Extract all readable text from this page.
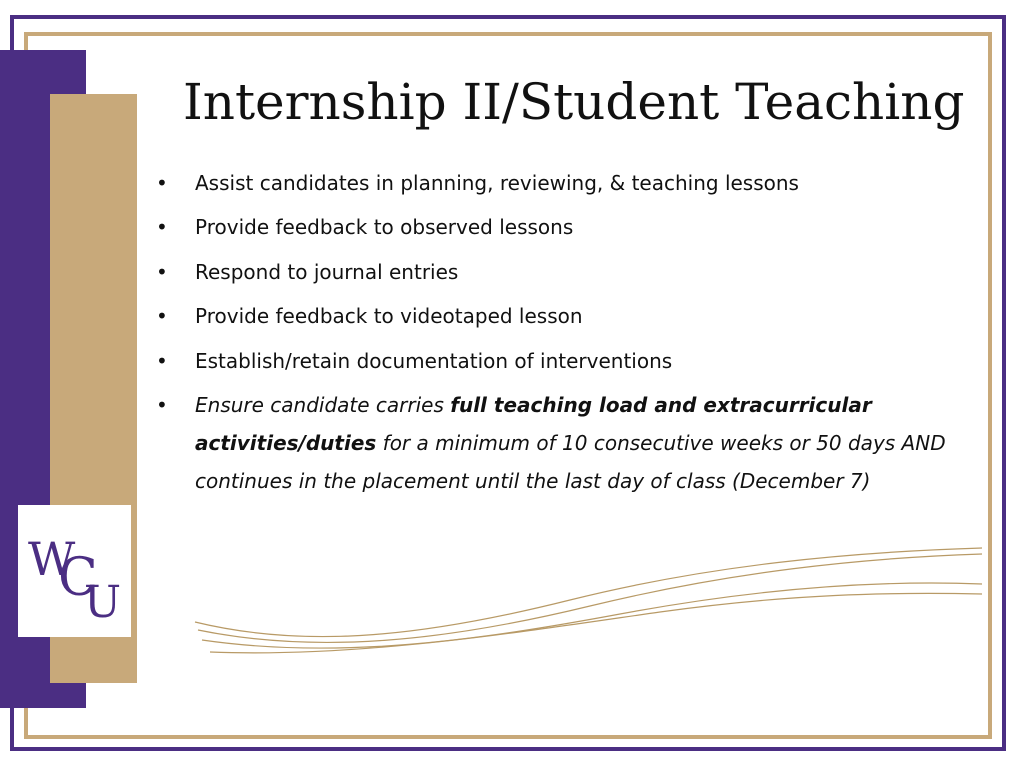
W
C
U
Internship II/Student Teaching
• Assist candidates in planning, reviewing, & teaching lessons
• Provide feedback to observed lessons
• Respond to journal entries
• Provide feedback to videotaped lesson
• Establish/retain documentation of interventions
• Ensure candidate carries full teaching load and extracurricular activities/duties for a minimum of 10 consecutive weeks or 50 days AND continues in the placement until the last day of class (December 7)
